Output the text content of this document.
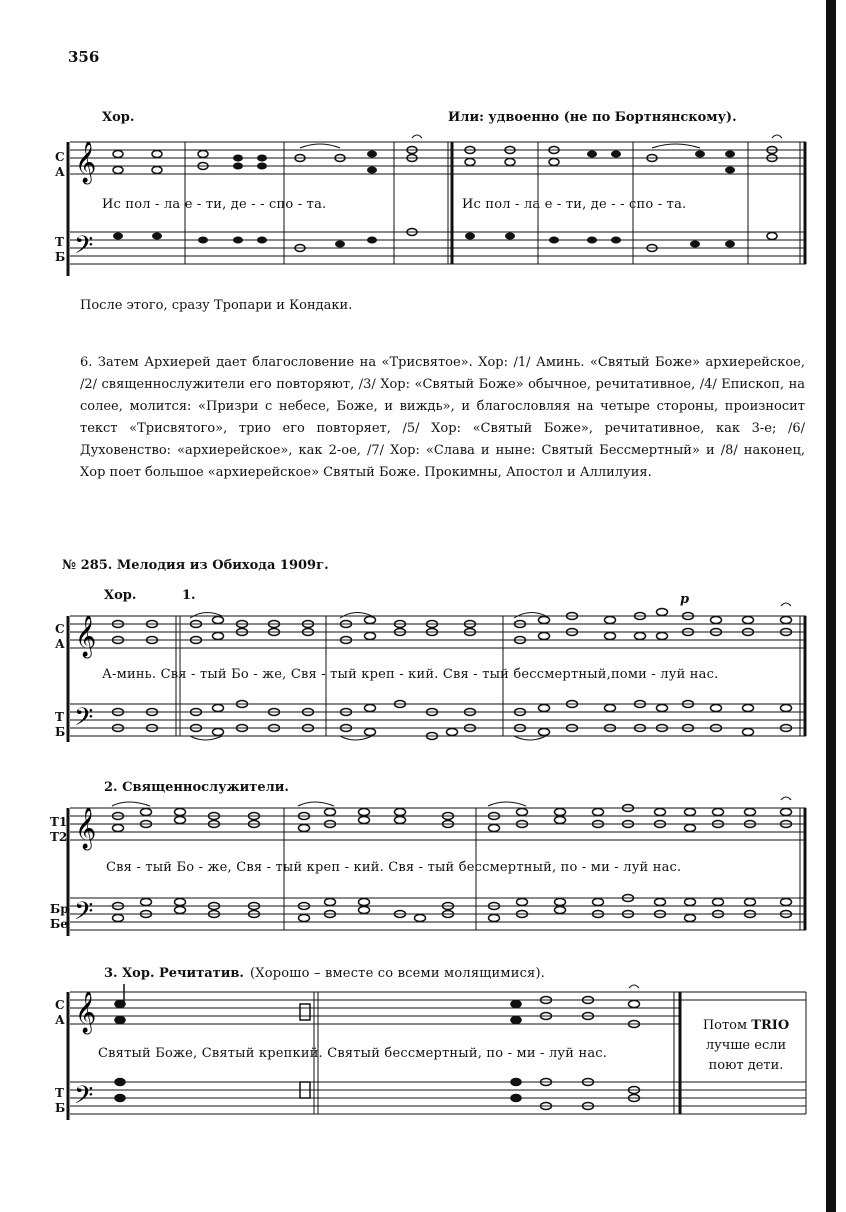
356
Хор.	Или: удвоенно (не по Бортнянскому).
С
А
Т
Б
Ис пол - ла е - ти, де - - спо - та.	Ис пол - ла е - ти, де - - спо - та.
𝄞
𝄢
После этого, сразу Тропари и Кондаки.
6. Затем Архиерей дает благословение на «Трисвятое». Хор: /1/ Аминь. «Святый Боже» архиерейское, /2/ священнослужители его повторяют, /3/ Хор: «Святый Боже» обычное, речитативное, /4/ Епископ, на солее, молится: «Призри с небесе, Боже, и виждь», и благословляя на четыре стороны, произносит текст «Трисвятого», трио его повторяет, /5/ Хор: «Святый Боже», речитативное, как 3-е; /6/ Духовенство: «архиерейское», как 2-ое, /7/ Хор: «Слава и ныне: Святый Бессмертный» и /8/ наконец, Хор поет большое «архиерейское» Святый Боже. Прокимны, Апостол и Аллилуия.
№ 285. Мелодия из Обихода 1909г.
Хор.	1.	p
С
А
Т
Б
А-минь. Свя - тый Бо - же, Свя - тый креп - кий. Свя - тый бессмертный,поми - луй нас.
𝄞
𝄢
2. Священнослужители.
Т1
Т2
Бр
Бе
Свя - тый Бо - же, Свя - тый креп - кий. Свя - тый бессмертный, по - ми - луй нас.
𝄞
𝄢
3. Хор. Речитатив. (Хорошо – вместе со всеми молящимися).
С
А
Т
Б
Святый Боже, Святый крепкий. Святый бессмертный, по - ми - луй нас.
𝄞
𝄢
Потом TRIO
лучше если
поют дети.
